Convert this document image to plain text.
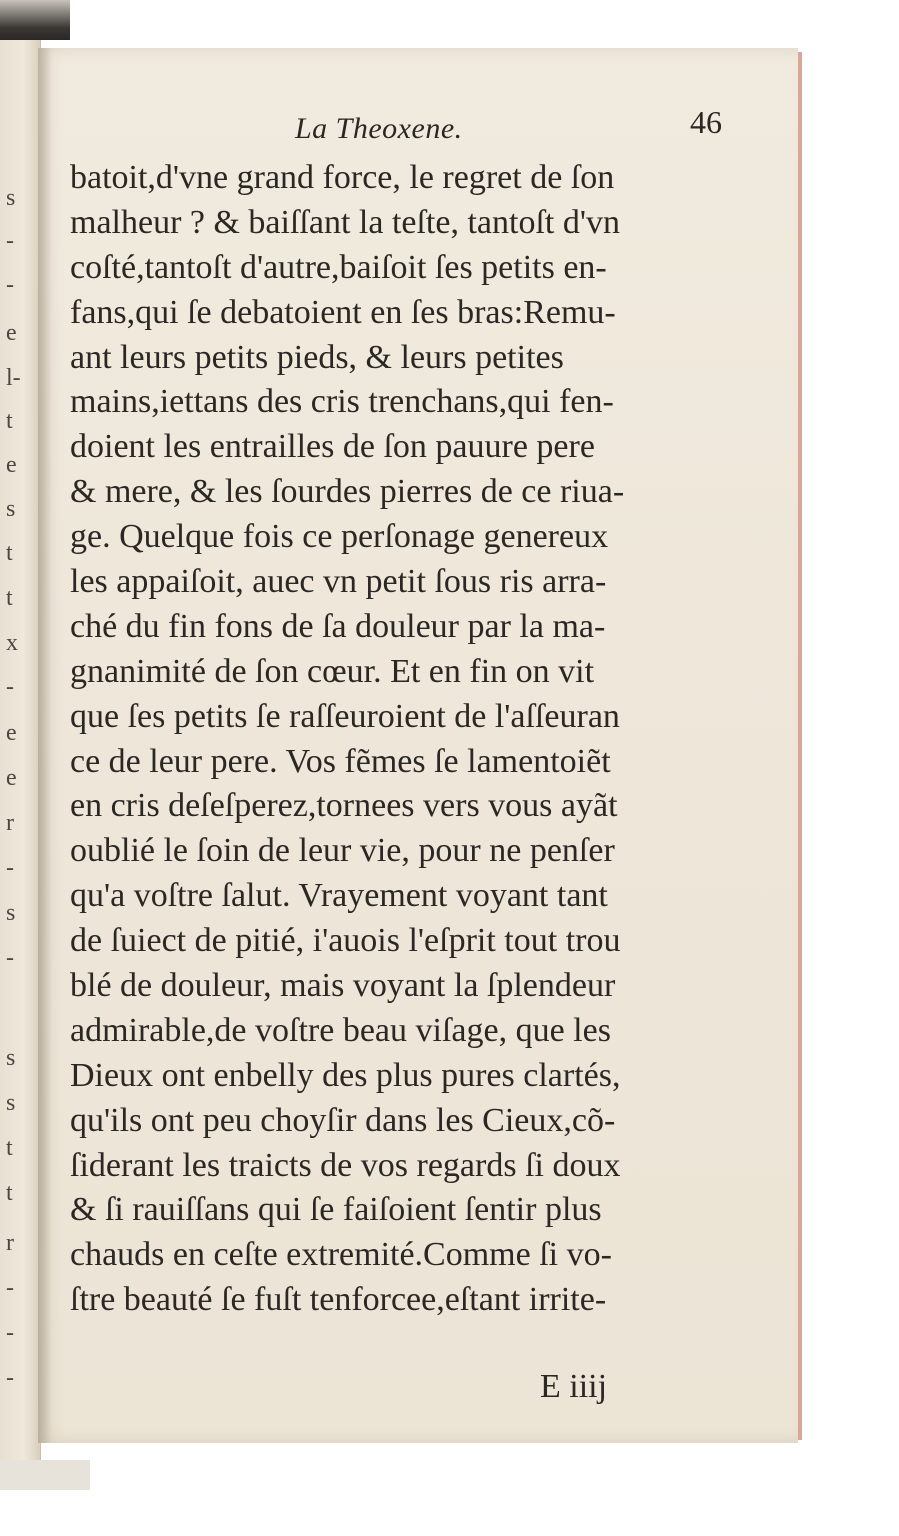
s
-
-
e
l-
t
e
s
t
t
x
-
e
e
r
-
s
-
s
s
t
t
r
-
-
-
La Theoxene.	46
batoit,d'vne grand force, le regret de ſon
malheur ? & baiſſant la teſte, tantoſt d'vn
coſté,tantoſt d'autre,baiſoit ſes petits en-
fans,qui ſe debatoient en ſes bras:Remu-
ant leurs petits pieds, & leurs petites
mains,iettans des cris trenchans,qui fen-
doient les entrailles de ſon pauure pere
& mere, & les ſourdes pierres de ce riua-
ge. Quelque fois ce perſonage genereux
les appaiſoit, auec vn petit ſous ris arra-
ché du fin fons de ſa douleur par la ma-
gnanimité de ſon cœur. Et en fin on vit
que ſes petits ſe raſſeuroient de l'aſſeuran
ce de leur pere. Vos fẽmes ſe lamentoiẽt
en cris deſeſperez,tornees vers vous ayãt
oublié le ſoin de leur vie, pour ne penſer
qu'a voſtre ſalut. Vrayement voyant tant
de ſuiect de pitié, i'auois l'eſprit tout trou
blé de douleur, mais voyant la ſplendeur
admirable,de voſtre beau viſage, que les
Dieux ont enbelly des plus pures clartés,
qu'ils ont peu choyſir dans les Cieux,cõ-
ſiderant les traicts de vos regards ſi doux
& ſi rauiſſans qui ſe faiſoient ſentir plus
chauds en ceſte extremité.Comme ſi vo-
ſtre beauté ſe fuſt tenforcee,eſtant irrite-
E iiij
